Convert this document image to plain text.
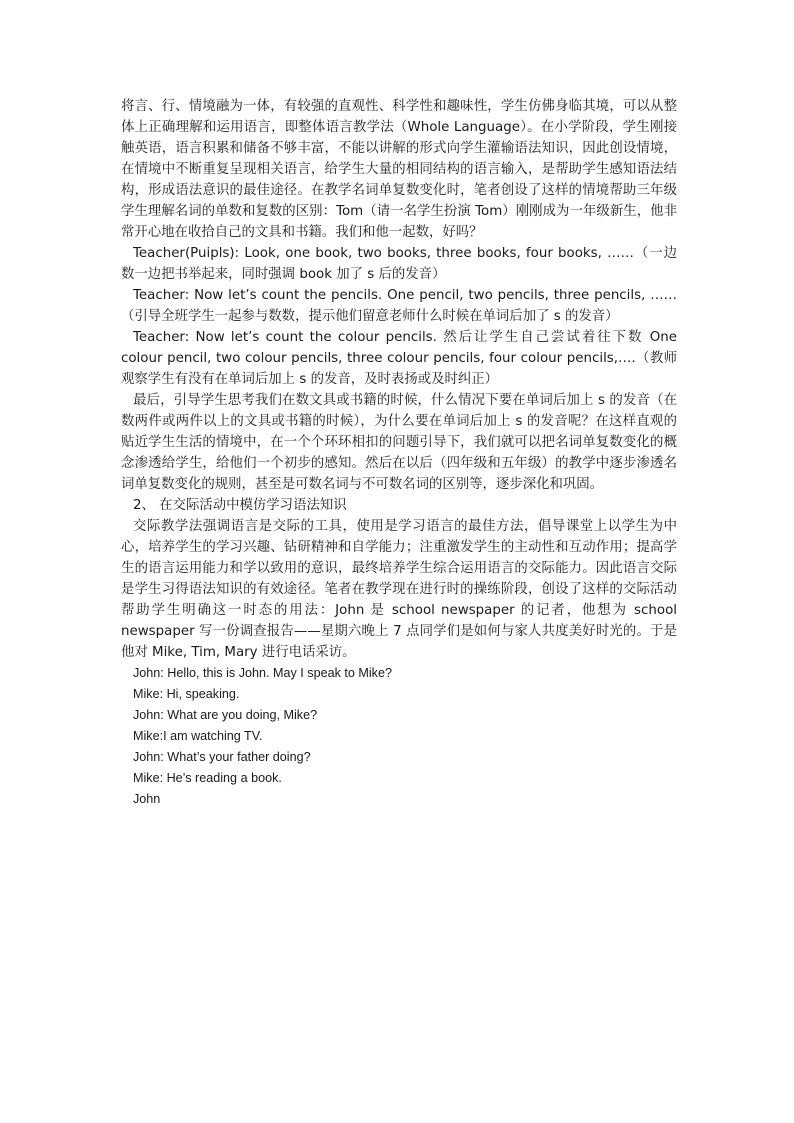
将言、行、情境融为一体，有较强的直观性、科学性和趣味性，学生仿佛身临其境，可以从整体上正确理解和运用语言，即整体语言教学法（Whole Language）。在小学阶段，学生刚接触英语，语言积累和储备不够丰富，不能以讲解的形式向学生灌输语法知识，因此创设情境，在情境中不断重复呈现相关语言，给学生大量的相同结构的语言输入，是帮助学生感知语法结构，形成语法意识的最佳途径。在教学名词单复数变化时，笔者创设了这样的情境帮助三年级学生理解名词的单数和复数的区别：Tom（请一名学生扮演 Tom）刚刚成为一年级新生，他非常开心地在收拾自己的文具和书籍。我们和他一起数，好吗？

Teacher(Puipls): Look, one book, two books, three books, four books, ……（一边数一边把书举起来，同时强调 book 加了 s 后的发音）

Teacher: Now let’s count the pencils. One pencil, two pencils, three pencils, ……（引导全班学生一起参与数数，提示他们留意老师什么时候在单词后加了 s 的发音）

Teacher: Now let’s count the colour pencils. 然后让学生自己尝试着往下数 One colour pencil, two colour pencils, three colour pencils, four colour pencils,….（教师观察学生有没有在单词后加上 s 的发音，及时表扬或及时纠正）

最后，引导学生思考我们在数文具或书籍的时候，什么情况下要在单词后加上 s 的发音（在数两件或两件以上的文具或书籍的时候），为什么要在单词后加上 s 的发音呢？在这样直观的贴近学生生活的情境中，在一个个环环相扣的问题引导下，我们就可以把名词单复数变化的概念渗透给学生，给他们一个初步的感知。然后在以后（四年级和五年级）的教学中逐步渗透名词单复数变化的规则，甚至是可数名词与不可数名词的区别等，逐步深化和巩固。

2、 在交际活动中模仿学习语法知识

交际教学法强调语言是交际的工具，使用是学习语言的最佳方法，倡导课堂上以学生为中心，培养学生的学习兴趣、钻研精神和自学能力；注重激发学生的主动性和互动作用；提高学生的语言运用能力和学以致用的意识，最终培养学生综合运用语言的交际能力。因此语言交际是学生习得语法知识的有效途径。笔者在教学现在进行时的操练阶段，创设了这样的交际活动帮助学生明确这一时态的用法：John 是 school newspaper 的记者，他想为 school newspaper 写一份调查报告——星期六晚上 7 点同学们是如何与家人共度美好时光的。于是他对 Mike, Tim, Mary 进行电话采访。

John: Hello, this is John. May I speak to Mike?

Mike: Hi, speaking.

John: What are you doing, Mike?

Mike:I am watching TV.

John: What’s your father doing?

Mike: He’s reading a book.

John
